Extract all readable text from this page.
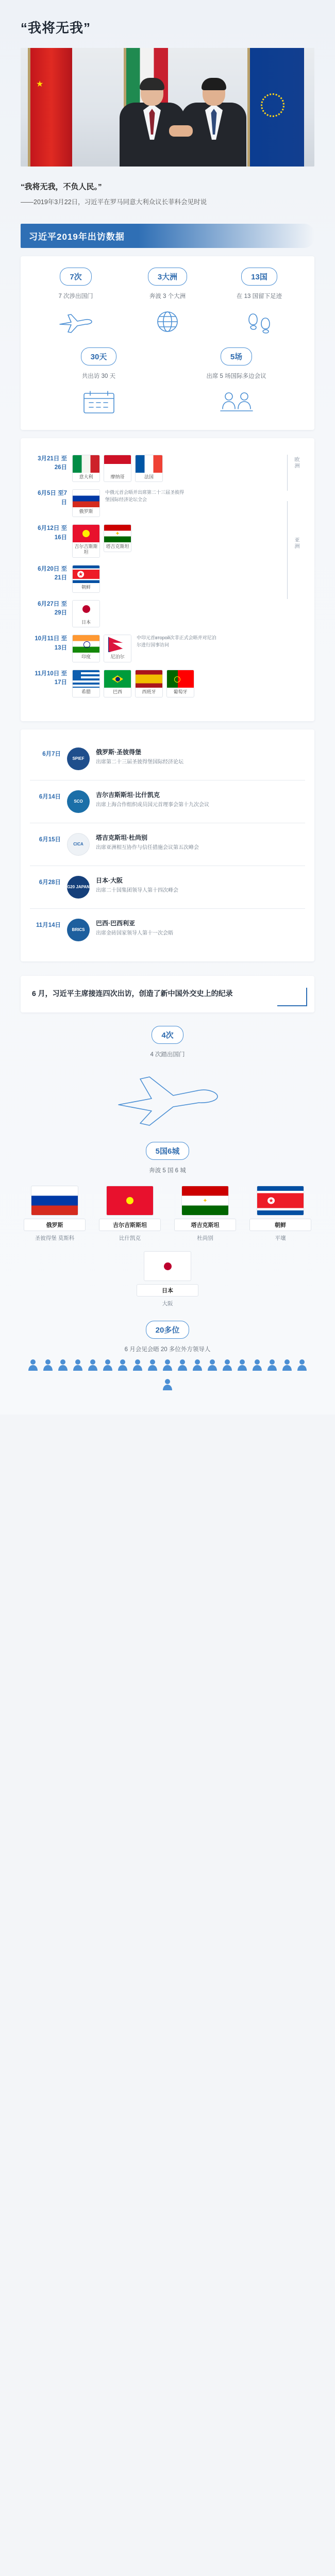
“我将无我”
★
“我将无我，不负人民。”
——2019年3月22日，习近平在罗马同意大利众议长菲科会见时说
习近平2019年出访数据
7次
7 次涉出国门
3大洲
奔波 3 个大洲
13国
在 13 国留下足迹
30天
共出访 30 天
5场
出席 5 场国际多边会议
3月21日 至26日
意大利	摩纳哥	法国
6月5日 至7日
俄罗斯
中俄元首会晤并出席第二十三届圣彼得堡国际经济论坛全会
6月12日 至16日
吉尔吉斯斯坦
✦
塔吉克斯坦
6月20日 至21日
★
朝鲜
6月27日 至29日
日本
10月11日 至13日
印度	尼泊尔
中印元首второй次非正式会晤并对尼泊尔进行国事访问
11月10日 至17日
希腊	巴西	西班牙	葡萄牙
欧洲
亚洲
6月7日
SPIEF
俄罗斯·圣彼得堡
出席第二十三届圣彼得堡国际经济论坛
6月14日
SCO
吉尔吉斯斯坦·比什凯克
出席上海合作组织成员国元首理事会第十九次会议
6月15日
CICA
塔吉克斯坦·杜尚别
出席亚洲相互协作与信任措施会议第五次峰会
6月28日
G20 JAPAN
日本·大阪
出席二十国集团领导人第十四次峰会
11月14日
BRICS
巴西·巴西利亚
出席金砖国家领导人第十一次会晤
6 月，习近平主席接连四次出访，创造了新中国外交史上的纪录
4次
4 次踏出国门
5国6城
奔波 5 国 6 城
俄罗斯
圣彼得堡 莫斯科
吉尔吉斯斯坦
比什凯克
✦
塔吉克斯坦
杜尚别
★
朝鲜
平壤
日本
大阪
20多位
6 月会见会晤 20 多位外方领导人
